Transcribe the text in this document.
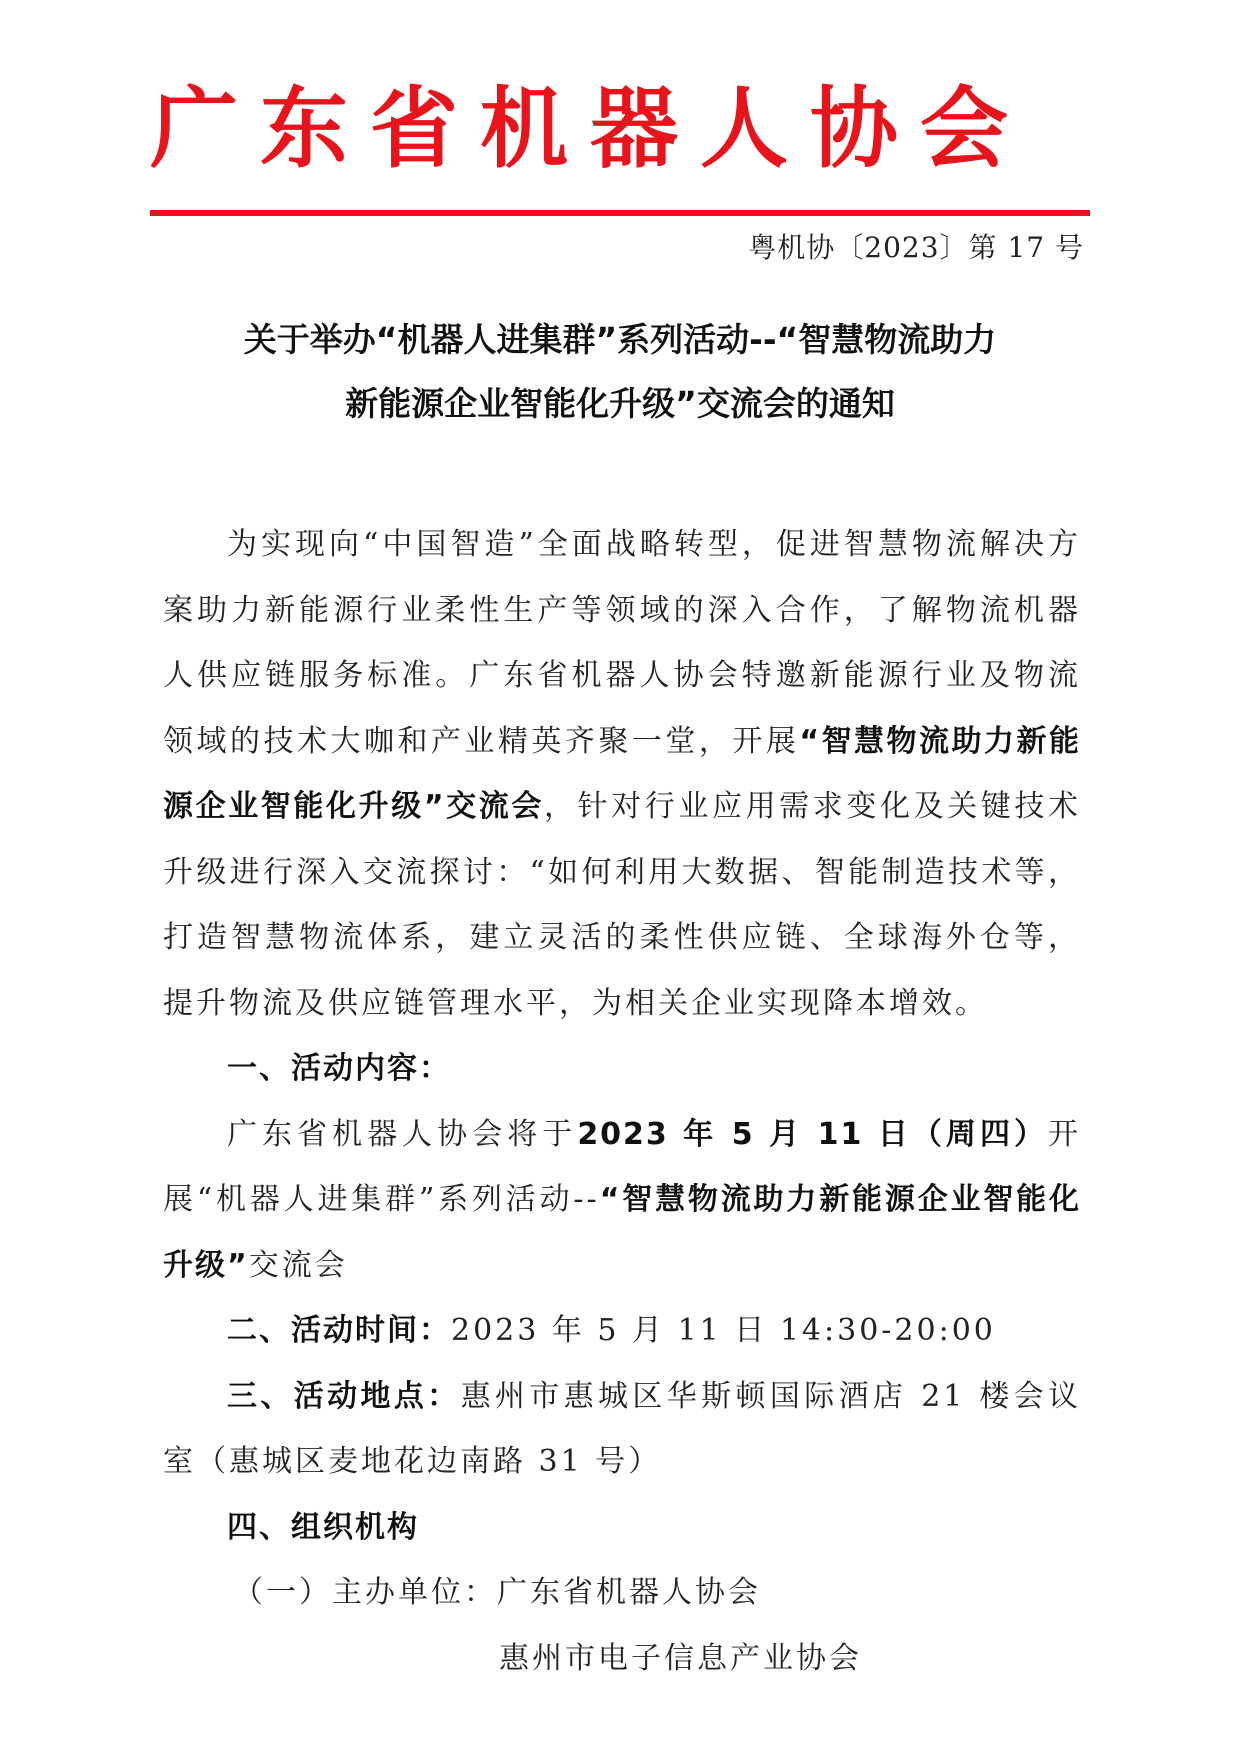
广东省机器人协会
粤机协〔2023〕第 17 号
关于举办“机器人进集群”系列活动--“智慧物流助力
新能源企业智能化升级”交流会的通知

为实现向“中国智造”全面战略转型，促进智慧物流解决方案助力新能源行业柔性生产等领域的深入合作，了解物流机器人供应链服务标准。广东省机器人协会特邀新能源行业及物流领域的技术大咖和产业精英齐聚一堂，开展“智慧物流助力新能源企业智能化升级”交流会，针对行业应用需求变化及关键技术升级进行深入交流探讨：“如何利用大数据、智能制造技术等，打造智慧物流体系，建立灵活的柔性供应链、全球海外仓等，提升物流及供应链管理水平，为相关企业实现降本增效。

一、活动内容：

广东省机器人协会将于2023 年 5 月 11 日（周四）开展“机器人进集群”系列活动--“智慧物流助力新能源企业智能化升级”交流会

二、活动时间：2023 年 5 月 11 日 14:30-20:00

三、活动地点：惠州市惠城区华斯顿国际酒店 21 楼会议室（惠城区麦地花边南路 31 号）

四、组织机构

（一）主办单位：广东省机器人协会

惠州市电子信息产业协会
